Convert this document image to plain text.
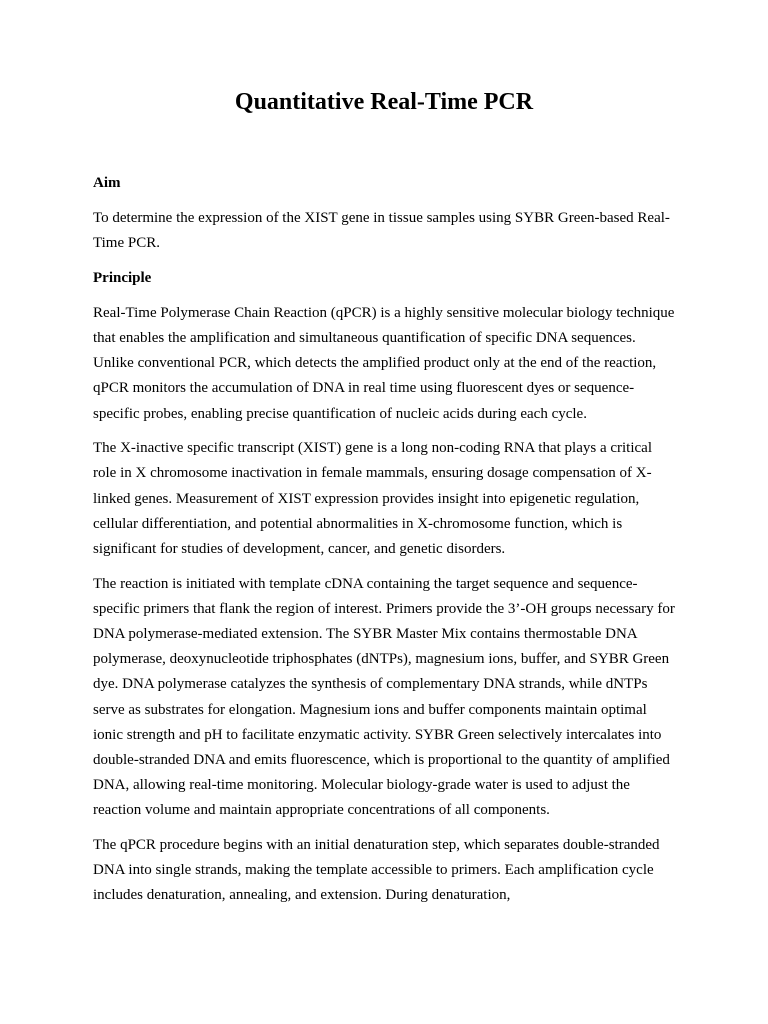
Quantitative Real-Time PCR
Aim

To determine the expression of the XIST gene in tissue samples using SYBR Green-based Real-Time PCR.

Principle

Real-Time Polymerase Chain Reaction (qPCR) is a highly sensitive molecular biology technique that enables the amplification and simultaneous quantification of specific DNA sequences. Unlike conventional PCR, which detects the amplified product only at the end of the reaction, qPCR monitors the accumulation of DNA in real time using fluorescent dyes or sequence-specific probes, enabling precise quantification of nucleic acids during each cycle.

The X-inactive specific transcript (XIST) gene is a long non-coding RNA that plays a critical role in X chromosome inactivation in female mammals, ensuring dosage compensation of X-linked genes. Measurement of XIST expression provides insight into epigenetic regulation, cellular differentiation, and potential abnormalities in X-chromosome function, which is significant for studies of development, cancer, and genetic disorders.

The reaction is initiated with template cDNA containing the target sequence and sequence-specific primers that flank the region of interest. Primers provide the 3’-OH groups necessary for DNA polymerase-mediated extension. The SYBR Master Mix contains thermostable DNA polymerase, deoxynucleotide triphosphates (dNTPs), magnesium ions, buffer, and SYBR Green dye. DNA polymerase catalyzes the synthesis of complementary DNA strands, while dNTPs serve as substrates for elongation. Magnesium ions and buffer components maintain optimal ionic strength and pH to facilitate enzymatic activity. SYBR Green selectively intercalates into double-stranded DNA and emits fluorescence, which is proportional to the quantity of amplified DNA, allowing real-time monitoring. Molecular biology-grade water is used to adjust the reaction volume and maintain appropriate concentrations of all components.

The qPCR procedure begins with an initial denaturation step, which separates double-stranded DNA into single strands, making the template accessible to primers. Each amplification cycle includes denaturation, annealing, and extension. During denaturation,
